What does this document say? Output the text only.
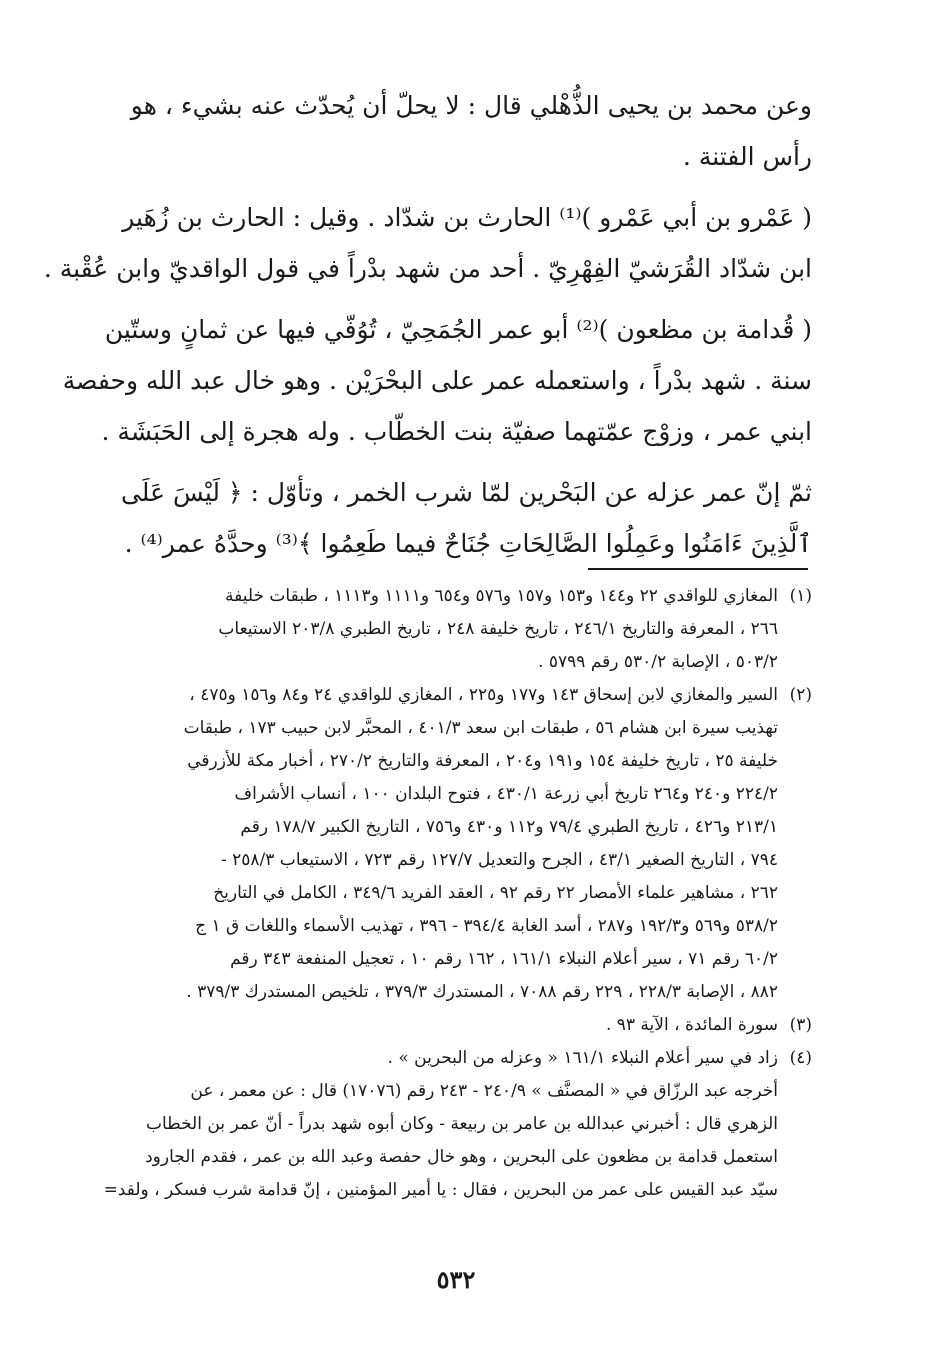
وعن محمد بن يحيى الذُّهْلي قال : لا يحلّ أن يُحدّث عنه بشيء ، هو
رأس الفتنة .

( عَمْرو بن أبي عَمْرو )⁽¹⁾ الحارث بن شدّاد . وقيل : الحارث بن زُهَير
ابن شدّاد القُرَشيّ الفِهْرِيّ . أحد من شهد بدْراً في قول الواقديّ وابن عُقْبة .

( قُدامة بن مظعون )⁽²⁾ أبو عمر الجُمَحِيّ ، تُوُفّي فيها عن ثمانٍ وستّين
سنة . شهد بدْراً ، واستعمله عمر على البحْرَيْن . وهو خال عبد الله وحفصة
ابني عمر ، وزوْج عمّتهما صفيّة بنت الخطّاب . وله هجرة إلى الحَبَشَة .

ثمّ إنّ عمر عزله عن البَحْرين لمّا شرب الخمر ، وتأوّل : ﴿ لَيْسَ عَلَى
ٱلَّذِينَ ءَامَنُوا وعَمِلُوا الصَّالِحَاتِ جُنَاحٌ فيما طَعِمُوا ﴾⁽³⁾ وحدَّهُ عمر⁽⁴⁾ .

(١)
المغازي للواقدي ٢٢ و١٤٤ و١٥٣ و١٥٧ و٥٧٦ و٦٥٤ و١١١١ و١١١٣ ، طبقات خليفة
٢٦٦ ، المعرفة والتاريخ ٢٤٦/١ ، تاريخ خليفة ٢٤٨ ، تاريخ الطبري ٢٠٣/٨ الاستيعاب
٥٠٣/٢ ، الإصابة ٥٣٠/٢ رقم ٥٧٩٩ .
(٢)
السير والمغازي لابن إسحاق ١٤٣ و١٧٧ و٢٢٥ ، المغازي للواقدي ٢٤ و٨٤ و١٥٦ و٤٧٥ ،
تهذيب سيرة ابن هشام ٥٦ ، طبقات ابن سعد ٤٠١/٣ ، المحبَّر لابن حبيب ١٧٣ ، طبقات
خليفة ٢٥ ، تاريخ خليفة ١٥٤ و١٩١ و٢٠٤ ، المعرفة والتاريخ ٢٧٠/٢ ، أخبار مكة للأزرقي
٢٢٤/٢ و٢٤٠ و٢٦٤ تاريخ أبي زرعة ٤٣٠/١ ، فتوح البلدان ١٠٠ ، أنساب الأشراف
٢١٣/١ و٤٢٦ ، تاريخ الطبري ٧٩/٤ و١١٢ و٤٣٠ و٧٥٦ ، التاريخ الكبير ١٧٨/٧ رقم
٧٩٤ ، التاريخ الصغير ٤٣/١ ، الجرح والتعديل ١٢٧/٧ رقم ٧٢٣ ، الاستيعاب ٢٥٨/٣ -
٢٦٢ ، مشاهير علماء الأمصار ٢٢ رقم ٩٢ ، العقد الفريد ٣٤٩/٦ ، الكامل في التاريخ
٥٣٨/٢ و٥٦٩ و١٩٢/٣ و٢٨٧ ، أسد الغابة ٣٩٤/٤ - ٣٩٦ ، تهذيب الأسماء واللغات ق ١ ج
٦٠/٢ رقم ٧١ ، سير أعلام النبلاء ١٦١/١ ، ١٦٢ رقم ١٠ ، تعجيل المنفعة ٣٤٣ رقم
٨٨٢ ، الإصابة ٢٢٨/٣ ، ٢٢٩ رقم ٧٠٨٨ ، المستدرك ٣٧٩/٣ ، تلخيص المستدرك ٣٧٩/٣ .
(٣)
سورة المائدة ، الآية ٩٣ .
(٤)
زاد في سير أعلام النبلاء ١٦١/١ « وعزله من البحرين » .
أخرجه عبد الرزّاق في « المصنَّف » ٢٤٠/٩ - ٢٤٣ رقم (١٧٠٧٦) قال : عن معمر ، عن
الزهري قال : أخبرني عبدالله بن عامر بن ربيعة - وكان أبوه شهد بدراً - أنّ عمر بن الخطاب
استعمل قدامة بن مظعون على البحرين ، وهو خال حفصة وعبد الله بن عمر ، فقدم الجارود
سيّد عبد القيس على عمر من البحرين ، فقال : يا أمير المؤمنين ، إنّ قدامة شرب فسكر ، ولقد=
٥٣٢
